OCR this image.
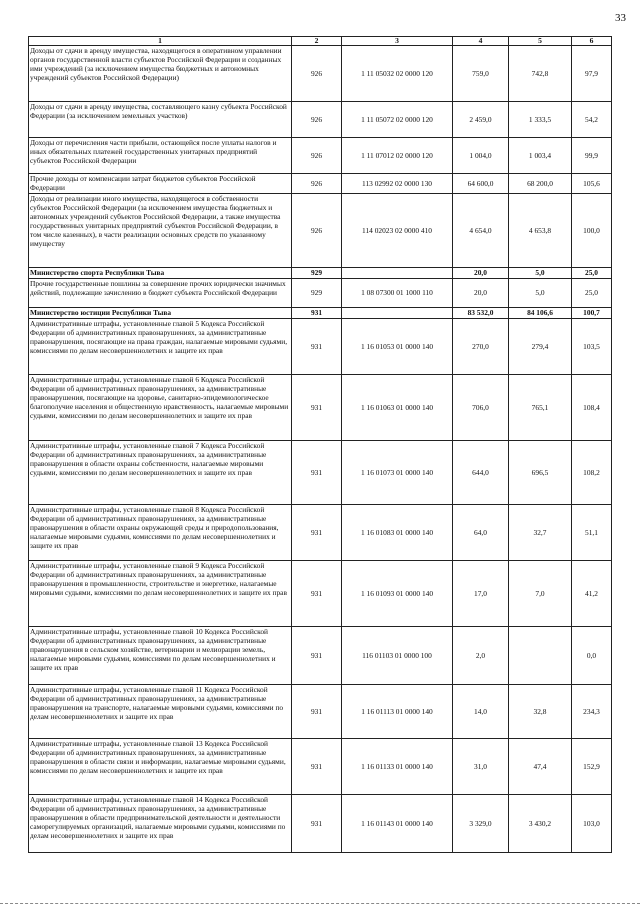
33
1	2	3	4	5	6
Доходы от сдачи в аренду имущества, находящегося в оперативном управлении органов государственной власти субъектов Российской Федерации и созданных ими учреждений (за исключением имущества бюджетных и автономных учреждений субъектов Российской Федерации)	926	1 11 05032 02 0000 120	759,0	742,8	97,9
Доходы от сдачи в аренду имущества, составляющего казну субъекта Российской Федерации (за исключением земельных участков)	926	1 11 05072 02 0000 120	2 459,0	1 333,5	54,2
Доходы от перечисления части прибыли, остающейся после уплаты налогов и иных обязательных платежей государственных унитарных предприятий субъектов Российской Федерации	926	1 11 07012 02 0000 120	1 004,0	1 003,4	99,9
Прочие доходы от компенсации затрат бюджетов субъектов Российской Федерации	926	113 02992 02 0000 130	64 600,0	68 200,0	105,6
Доходы от реализации иного имущества, находящегося в собственности субъектов Российской Федерации (за исключением имущества бюджетных и автономных учреждений субъектов Российской Федерации, а также имущества государственных унитарных предприятий субъектов Российской Федерации, в том числе казенных), в части реализации основных средств по указанному имуществу	926	114 02023 02 0000 410	4 654,0	4 653,8	100,0
Министерство спорта Республики Тыва	929		20,0	5,0	25,0
Прочие государственные пошлины за совершение прочих юридически значимых действий, подлежащие зачислению в бюджет субъекта Российской Федерации	929	1 08 07300 01 1000 110	20,0	5,0	25,0
Министерство юстиции Республики Тыва	931		83 532,0	84 106,6	100,7
Административные штрафы, установленные главой 5 Кодекса Российской Федерации об административных правонарушениях, за административные правонарушения, посягающие на права граждан, налагаемые мировыми судьями, комиссиями по делам несовершеннолетних и защите их прав	931	1 16 01053 01 0000 140	270,0	279,4	103,5
Административные штрафы, установленные главой 6 Кодекса Российской Федерации об административных правонарушениях, за административные правонарушения, посягающие на здоровье, санитарно-эпидемиологическое благополучие населения и общественную нравственность, налагаемые мировыми судьями, комиссиями по делам несовершеннолетних и защите их прав	931	1 16 01063 01 0000 140	706,0	765,1	108,4
Административные штрафы, установленные главой 7 Кодекса Российской Федерации об административных правонарушениях, за административные правонарушения в области охраны собственности, налагаемые мировыми судьями, комиссиями по делам несовершеннолетних и защите их прав	931	1 16 01073 01 0000 140	644,0	696,5	108,2
Административные штрафы, установленные главой 8 Кодекса Российской Федерации об административных правонарушениях, за административные правонарушения в области охраны окружающей среды и природопользования, налагаемые мировыми судьями, комиссиями по делам несовершеннолетних и защите их прав	931	1 16 01083 01 0000 140	64,0	32,7	51,1
Административные штрафы, установленные главой 9 Кодекса Российской Федерации об административных правонарушениях, за административные правонарушения в промышленности, строительстве и энергетике, налагаемые мировыми судьями, комиссиями по делам несовершеннолетних и защите их прав	931	1 16 01093 01 0000 140	17,0	7,0	41,2
Административные штрафы, установленные главой 10 Кодекса Российской Федерации об административных правонарушениях, за административные правонарушения в сельском хозяйстве, ветеринарии и мелиорации земель, налагаемые мировыми судьями, комиссиями по делам несовершеннолетних и защите их прав	931	116 01103 01 0000 100	2,0		0,0
Административные штрафы, установленные главой 11 Кодекса Российской Федерации об административных правонарушениях, за административные правонарушения на транспорте, налагаемые мировыми судьями, комиссиями по делам несовершеннолетних и защите их прав	931	1 16 01113 01 0000 140	14,0	32,8	234,3
Административные штрафы, установленные главой 13 Кодекса Российской Федерации об административных правонарушениях, за административные правонарушения в области связи и информации, налагаемые мировыми судьями, комиссиями по делам несовершеннолетних и защите их прав	931	1 16 01133 01 0000 140	31,0	47,4	152,9
Административные штрафы, установленные главой 14 Кодекса Российской Федерации об административных правонарушениях, за административные правонарушения в области предпринимательской деятельности и деятельности саморегулируемых организаций, налагаемые мировыми судьями, комиссиями по делам несовершеннолетних и защите их прав	931	1 16 01143 01 0000 140	3 329,0	3 430,2	103,0
